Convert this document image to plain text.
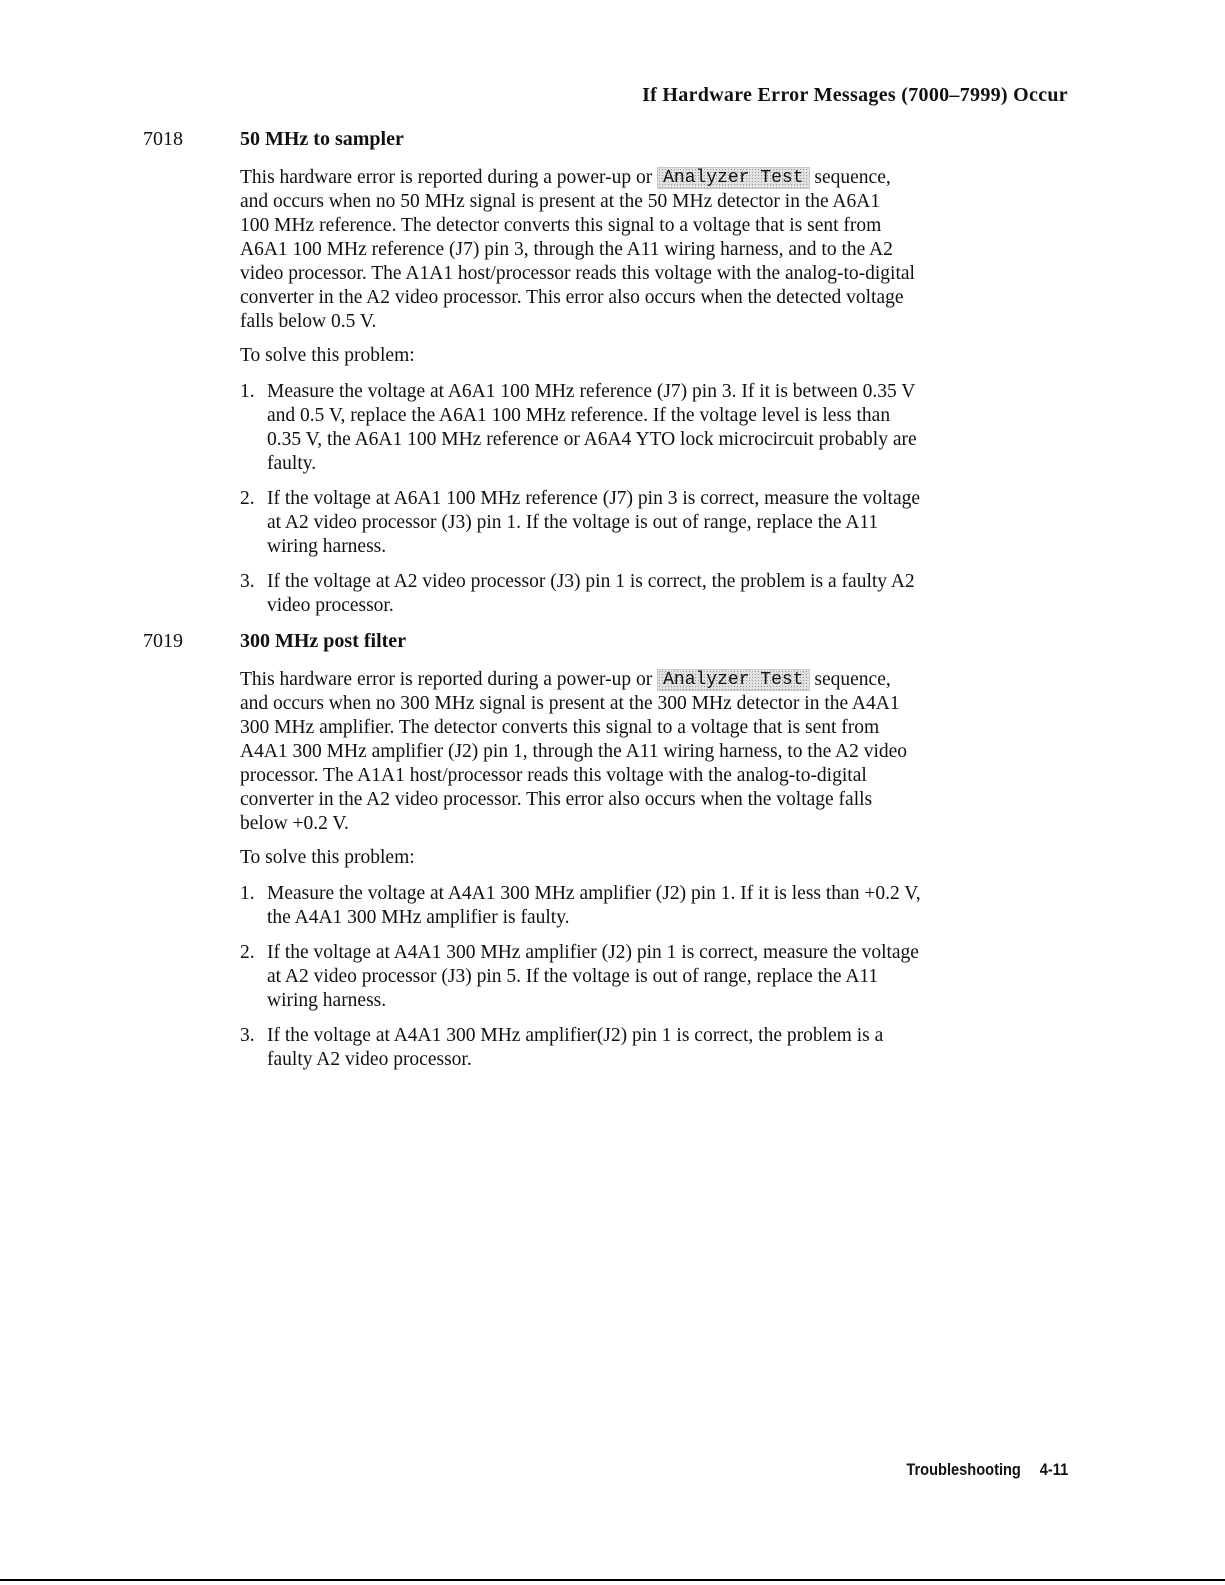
If Hardware Error Messages (7000–7999) Occur
7018	50 MHz to sampler
This hardware error is reported during a power-up or Analyzer Test sequence,
and occurs when no 50 MHz signal is present at the 50 MHz detector in the A6A1
100 MHz reference. The detector converts this signal to a voltage that is sent from
A6A1 100 MHz reference (J7) pin 3, through the A11 wiring harness, and to the A2
video processor. The A1A1 host/processor reads this voltage with the analog-to-digital
converter in the A2 video processor. This error also occurs when the detected voltage
falls below 0.5 V.
To solve this problem:
1. Measure the voltage at A6A1 100 MHz reference (J7) pin 3. If it is between 0.35 V
and 0.5 V, replace the A6A1 100 MHz reference. If the voltage level is less than
0.35 V, the A6A1 100 MHz reference or A6A4 YTO lock microcircuit probably are
faulty.
2. If the voltage at A6A1 100 MHz reference (J7) pin 3 is correct, measure the voltage
at A2 video processor (J3) pin 1. If the voltage is out of range, replace the A11
wiring harness.
3. If the voltage at A2 video processor (J3) pin 1 is correct, the problem is a faulty A2
video processor.
7019	300 MHz post filter
This hardware error is reported during a power-up or Analyzer Test sequence,
and occurs when no 300 MHz signal is present at the 300 MHz detector in the A4A1
300 MHz amplifier. The detector converts this signal to a voltage that is sent from
A4A1 300 MHz amplifier (J2) pin 1, through the A11 wiring harness, to the A2 video
processor. The A1A1 host/processor reads this voltage with the analog-to-digital
converter in the A2 video processor. This error also occurs when the voltage falls
below +0.2 V.
To solve this problem:
1. Measure the voltage at A4A1 300 MHz amplifier (J2) pin 1. If it is less than +0.2 V,
the A4A1 300 MHz amplifier is faulty.
2. If the voltage at A4A1 300 MHz amplifier (J2) pin 1 is correct, measure the voltage
at A2 video processor (J3) pin 5. If the voltage is out of range, replace the A11
wiring harness.
3. If the voltage at A4A1 300 MHz amplifier(J2) pin 1 is correct, the problem is a
faulty A2 video processor.
Troubleshooting 4-11
